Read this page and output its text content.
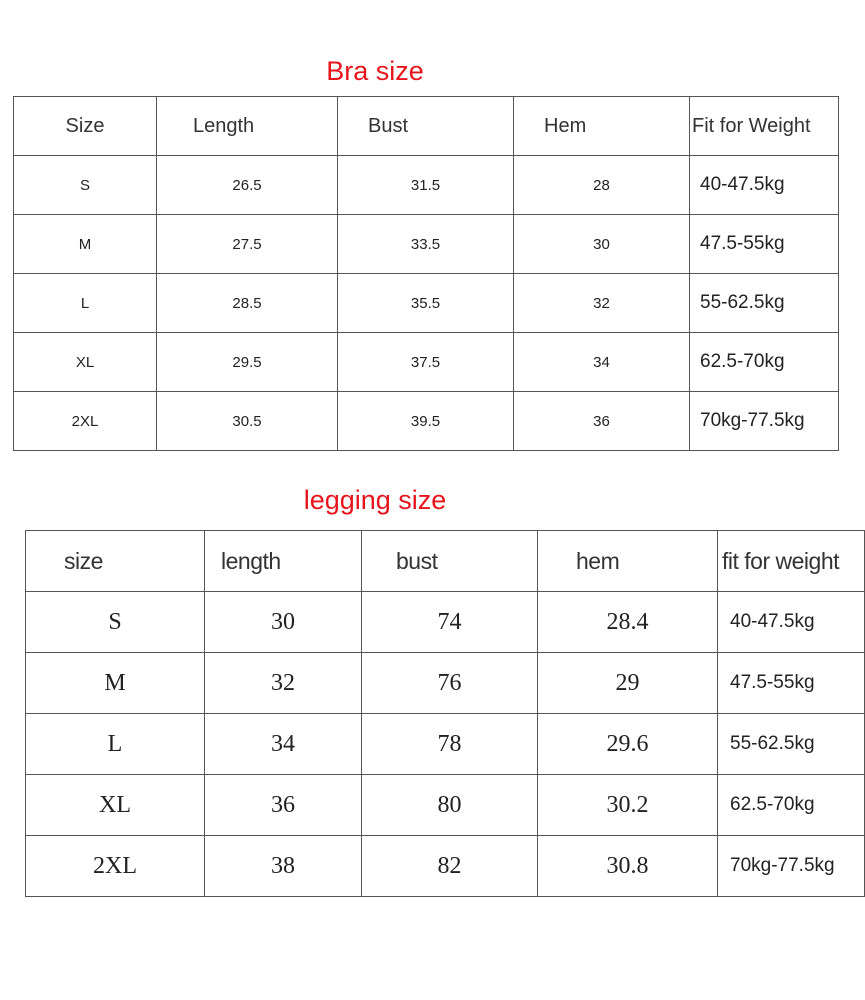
Bra size
Size	Length	Bust	Hem	Fit for Weight
S	26.5	31.5	28	40-47.5kg
M	27.5	33.5	30	47.5-55kg
L	28.5	35.5	32	55-62.5kg
XL	29.5	37.5	34	62.5-70kg
2XL	30.5	39.5	36	70kg-77.5kg
legging size
size	length	bust	hem	fit for weight
S	30	74	28.4	40-47.5kg
M	32	76	29	47.5-55kg
L	34	78	29.6	55-62.5kg
XL	36	80	30.2	62.5-70kg
2XL	38	82	30.8	70kg-77.5kg
